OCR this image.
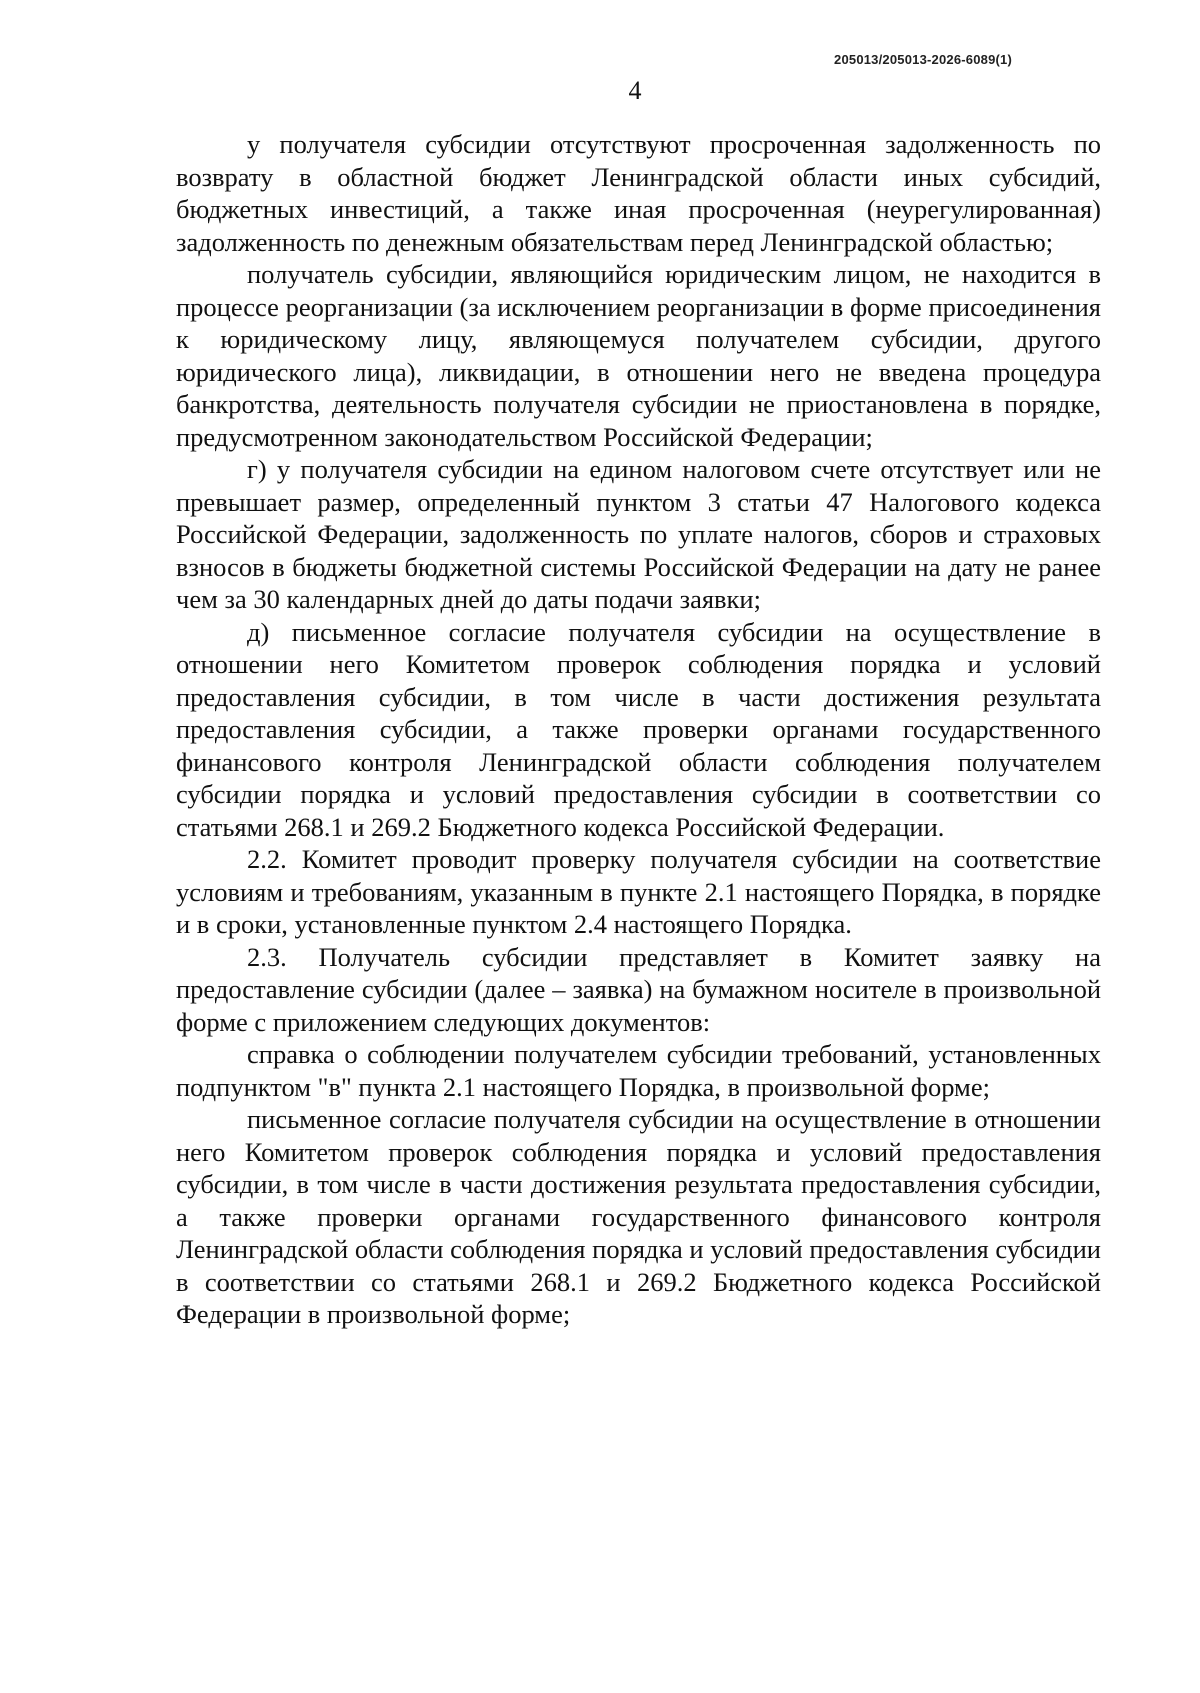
205013/205013-2026-6089(1)
4

у получателя субсидии отсутствуют просроченная задолженность по возврату в областной бюджет Ленинградской области иных субсидий, бюджетных инвестиций, а также иная просроченная (неурегулированная) задолженность по денежным обязательствам перед Ленинградской областью;

получатель субсидии, являющийся юридическим лицом, не находится в процессе реорганизации (за исключением реорганизации в форме присоединения к юридическому лицу, являющемуся получателем субсидии, другого юридического лица), ликвидации, в отношении него не введена процедура банкротства, деятельность получателя субсидии не приостановлена в порядке, предусмотренном законодательством Российской Федерации;

г) у получателя субсидии на едином налоговом счете отсутствует или не превышает размер, определенный пунктом 3 статьи 47 Налогового кодекса Российской Федерации, задолженность по уплате налогов, сборов и страховых взносов в бюджеты бюджетной системы Российской Федерации на дату не ранее чем за 30 календарных дней до даты подачи заявки;

д) письменное согласие получателя субсидии на осуществление в отношении него Комитетом проверок соблюдения порядка и условий предоставления субсидии, в том числе в части достижения результата предоставления субсидии, а также проверки органами государственного финансового контроля Ленинградской области соблюдения получателем субсидии порядка и условий предоставления субсидии в соответствии со статьями 268.1 и 269.2 Бюджетного кодекса Российской Федерации.

2.2. Комитет проводит проверку получателя субсидии на соответствие условиям и требованиям, указанным в пункте 2.1 настоящего Порядка, в порядке и в сроки, установленные пунктом 2.4 настоящего Порядка.

2.3. Получатель субсидии представляет в Комитет заявку на предоставление субсидии (далее – заявка) на бумажном носителе в произвольной форме с приложением следующих документов:

справка о соблюдении получателем субсидии требований, установленных подпунктом "в" пункта 2.1 настоящего Порядка, в произвольной форме;

письменное согласие получателя субсидии на осуществление в отношении него Комитетом проверок соблюдения порядка и условий предоставления субсидии, в том числе в части достижения результата предоставления субсидии, а также проверки органами государственного финансового контроля Ленинградской области соблюдения порядка и условий предоставления субсидии в соответствии со статьями 268.1 и 269.2 Бюджетного кодекса Российской Федерации в произвольной форме;
